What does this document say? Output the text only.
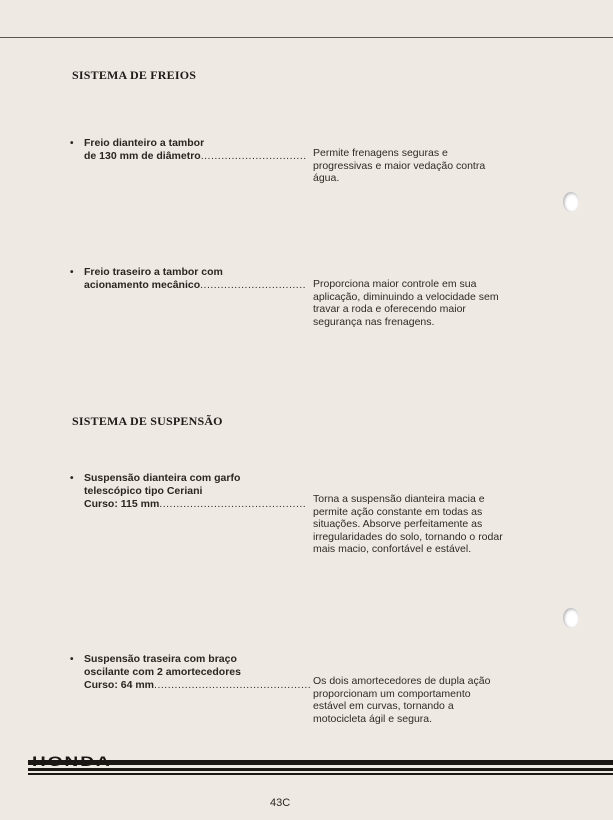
SISTEMA DE FREIOS
• Freio dianteiro a tambor
de 130 mm de diâmetro............................... Permite frenagens seguras e progressivas e maior vedação contra água.
• Freio traseiro a tambor com
acionamento mecânico............................... Proporciona maior controle em sua aplicação, diminuindo a velocidade sem travar a roda e oferecendo maior segurança nas frenagens.
SISTEMA DE SUSPENSÃO
• Suspensão dianteira com garfo
telescópico tipo Ceriani
Curso: 115 mm........................................... Torna a suspensão dianteira macia e permite ação constante em todas as situações. Absorve perfeitamente as irregularidades do solo, tornando o rodar mais macio, confortável e estável.
• Suspensão traseira com braço
oscilante com 2 amortecedores
Curso: 64 mm.............................................. Os dois amortecedores de dupla ação proporcionam um comportamento estável em curvas, tornando a motocicleta ágil e segura.
HONDA
43C
